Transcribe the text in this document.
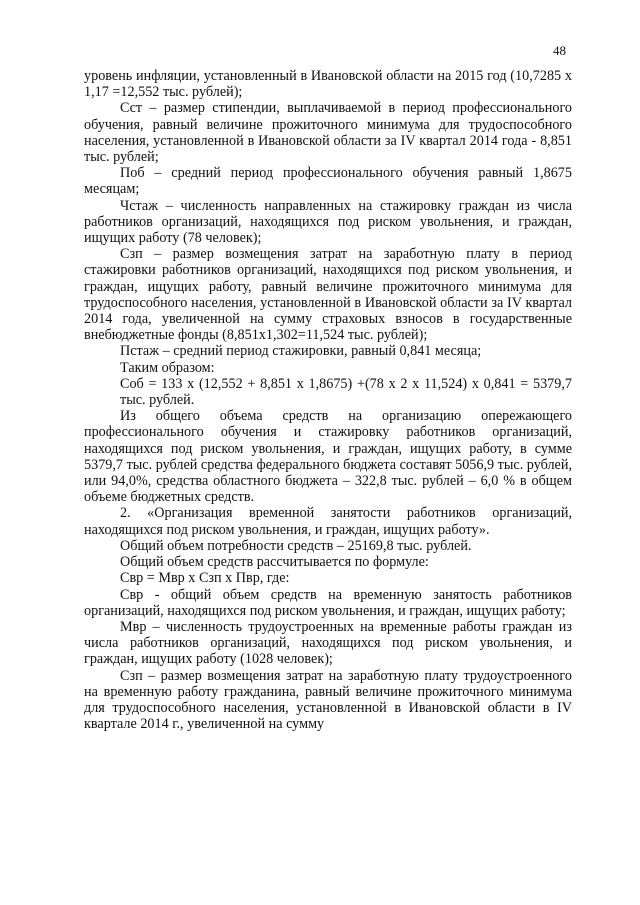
48

уровень инфляции, установленный в Ивановской области на 2015 год (10,7285 x 1,17 =12,552 тыс. рублей);

Сст – размер стипендии, выплачиваемой в период профессионального обучения, равный величине прожиточного минимума для трудоспособного населения, установленной в Ивановской области за IV квартал 2014 года - 8,851 тыс. рублей;

Поб – средний период профессионального обучения равный 1,8675 месяцам;

Чстаж – численность направленных на стажировку граждан из числа работников организаций, находящихся под риском увольнения, и граждан, ищущих работу (78 человек);

Сзп – размер возмещения затрат на заработную плату в период стажировки работников организаций, находящихся под риском увольнения, и граждан, ищущих работу, равный величине прожиточного минимума для трудоспособного населения, установленной в Ивановской области за IV квартал 2014 года, увеличенной на сумму страховых взносов в государственные внебюджетные фонды (8,851x1,302=11,524 тыс. рублей);

Пстаж – средний период стажировки, равный 0,841 месяца;

Таким образом:

Соб = 133 x (12,552 + 8,851 x 1,8675) +(78 x 2 x 11,524) x 0,841 = 5379,7 тыс. рублей.

Из общего объема средств на организацию опережающего профессионального обучения и стажировку работников организаций, находящихся под риском увольнения, и граждан, ищущих работу, в сумме 5379,7 тыс. рублей средства федерального бюджета составят 5056,9 тыс. рублей, или 94,0%, средства областного бюджета – 322,8 тыс. рублей – 6,0 % в общем объеме бюджетных средств.

2. «Организация временной занятости работников организаций, находящихся под риском увольнения, и граждан, ищущих работу».

Общий объем потребности средств – 25169,8 тыс. рублей.

Общий объем средств рассчитывается по формуле:

Свр = Мвр x Сзп x Пвр, где:

Свр - общий объем средств на временную занятость работников организаций, находящихся под риском увольнения, и граждан, ищущих работу;

Мвр – численность трудоустроенных на временные работы граждан из числа работников организаций, находящихся под риском увольнения, и граждан, ищущих работу (1028 человек);

Сзп – размер возмещения затрат на заработную плату трудоустроенного на временную работу гражданина, равный величине прожиточного минимума для трудоспособного населения, установленной в Ивановской области в IV квартале 2014 г., увеличенной на сумму
